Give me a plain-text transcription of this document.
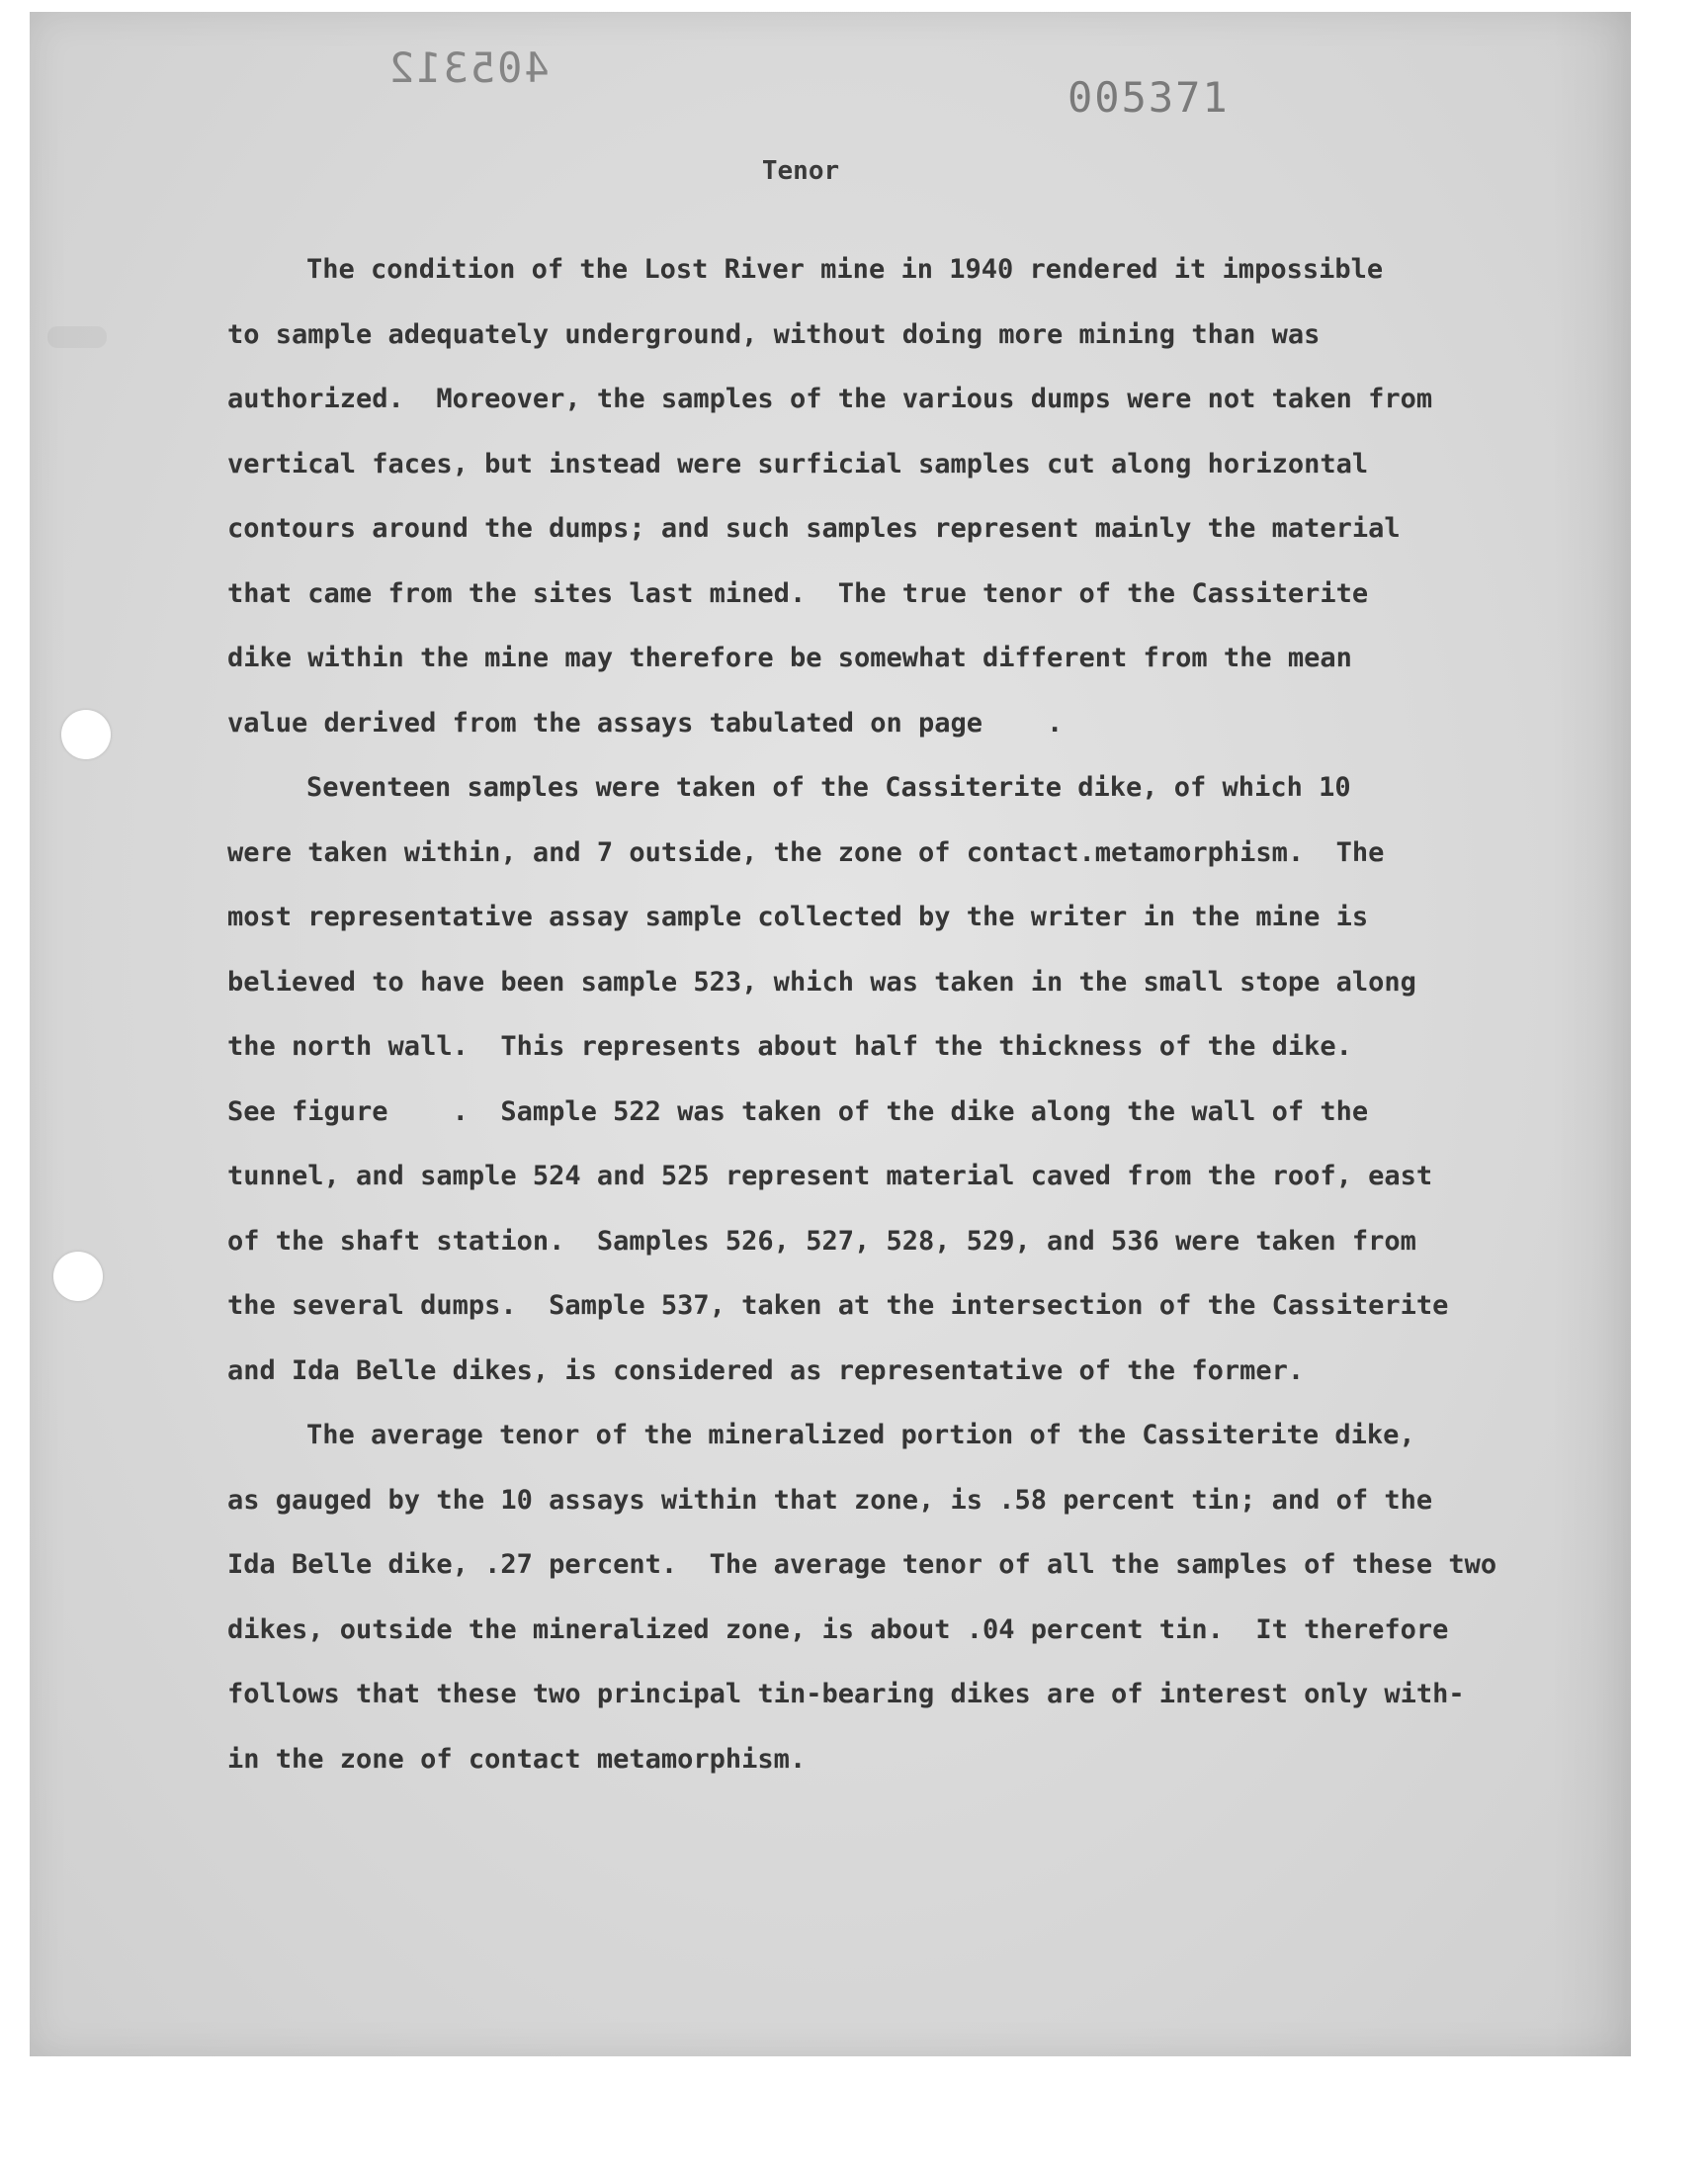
405312
005371
Tenor
The condition of the Lost River mine in 1940 rendered it impossible
to sample adequately underground, without doing more mining than was
authorized.  Moreover, the samples of the various dumps were not taken from
vertical faces, but instead were surficial samples cut along horizontal
contours around the dumps; and such samples represent mainly the material
that came from the sites last mined.  The true tenor of the Cassiterite
dike within the mine may therefore be somewhat different from the mean
value derived from the assays tabulated on page    .
Seventeen samples were taken of the Cassiterite dike, of which 10
were taken within, and 7 outside, the zone of contact.metamorphism.  The
most representative assay sample collected by the writer in the mine is
believed to have been sample 523, which was taken in the small stope along
the north wall.  This represents about half the thickness of the dike.
See figure    .  Sample 522 was taken of the dike along the wall of the
tunnel, and sample 524 and 525 represent material caved from the roof, east
of the shaft station.  Samples 526, 527, 528, 529, and 536 were taken from
the several dumps.  Sample 537, taken at the intersection of the Cassiterite
and Ida Belle dikes, is considered as representative of the former.
The average tenor of the mineralized portion of the Cassiterite dike,
as gauged by the 10 assays within that zone, is .58 percent tin; and of the
Ida Belle dike, .27 percent.  The average tenor of all the samples of these two
dikes, outside the mineralized zone, is about .04 percent tin.  It therefore
follows that these two principal tin-bearing dikes are of interest only with-
in the zone of contact metamorphism.
